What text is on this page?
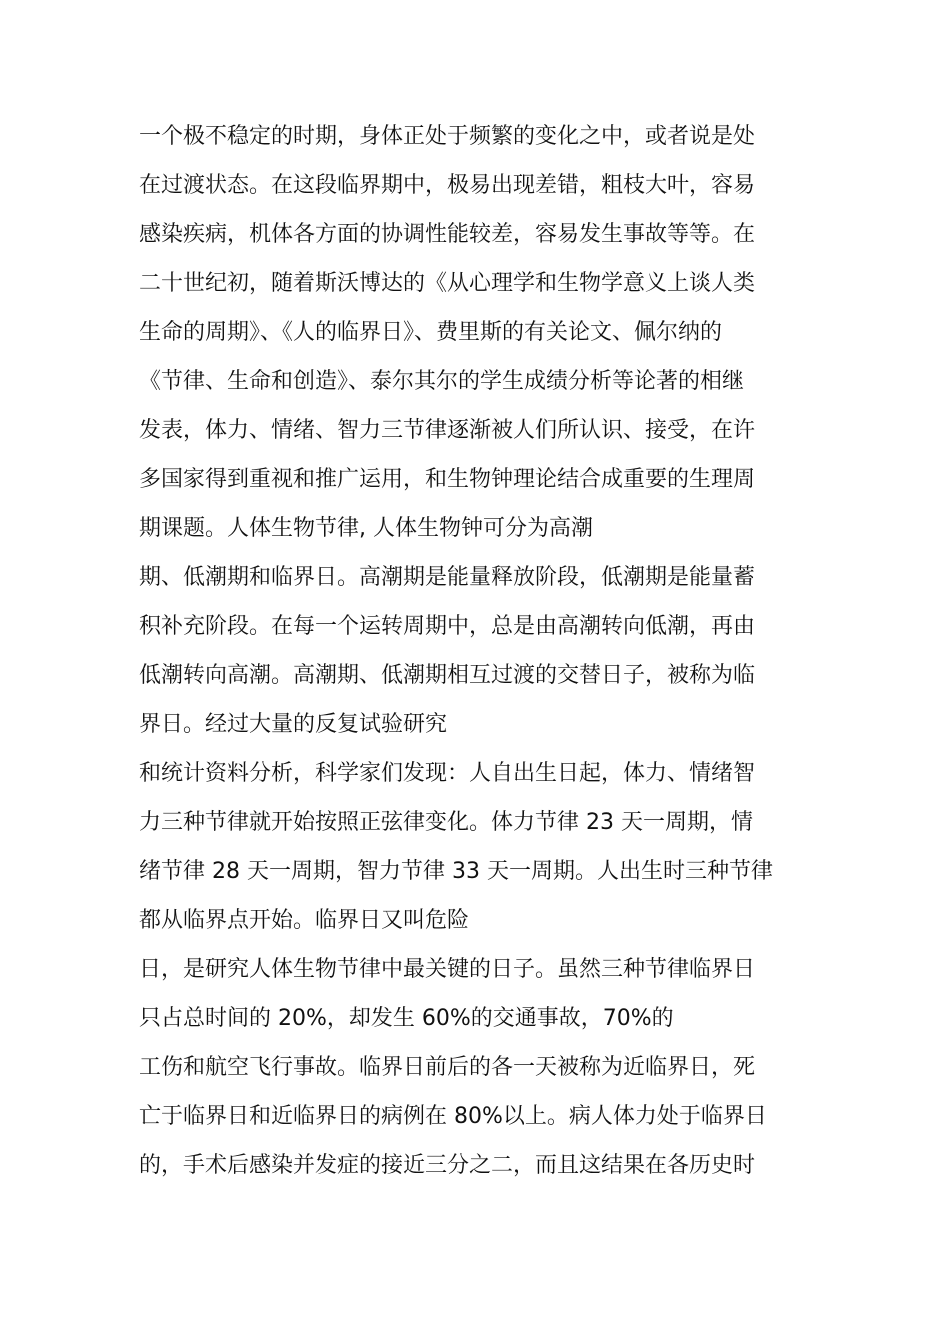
一个极不稳定的时期，身体正处于频繁的变化之中，或者说是处
在过渡状态。在这段临界期中，极易出现差错，粗枝大叶，容易
感染疾病，机体各方面的协调性能较差，容易发生事故等等。在
二十世纪初，随着斯沃博达的《从心理学和生物学意义上谈人类
生命的周期》、《人的临界日》、费里斯的有关论文、佩尔纳的
《节律、生命和创造》、泰尔其尔的学生成绩分析等论著的相继
发表，体力、情绪、智力三节律逐渐被人们所认识、接受，在许
多国家得到重视和推广运用，和生物钟理论结合成重要的生理周
期课题。人体生物节律, 人体生物钟可分为高潮
期、低潮期和临界日。高潮期是能量释放阶段，低潮期是能量蓄
积补充阶段。在每一个运转周期中，总是由高潮转向低潮，再由
低潮转向高潮。高潮期、低潮期相互过渡的交替日子，被称为临
界日。经过大量的反复试验研究
和统计资料分析，科学家们发现：人自出生日起，体力、情绪智
力三种节律就开始按照正弦律变化。体力节律 23 天一周期，情
绪节律 28 天一周期，智力节律 33 天一周期。人出生时三种节律
都从临界点开始。临界日又叫危险
日，是研究人体生物节律中最关键的日子。虽然三种节律临界日
只占总时间的 20%，却发生 60%的交通事故，70%的
工伤和航空飞行事故。临界日前后的各一天被称为近临界日，死
亡于临界日和近临界日的病例在 80%以上。病人体力处于临界日
的，手术后感染并发症的接近三分之二，而且这结果在各历史时
